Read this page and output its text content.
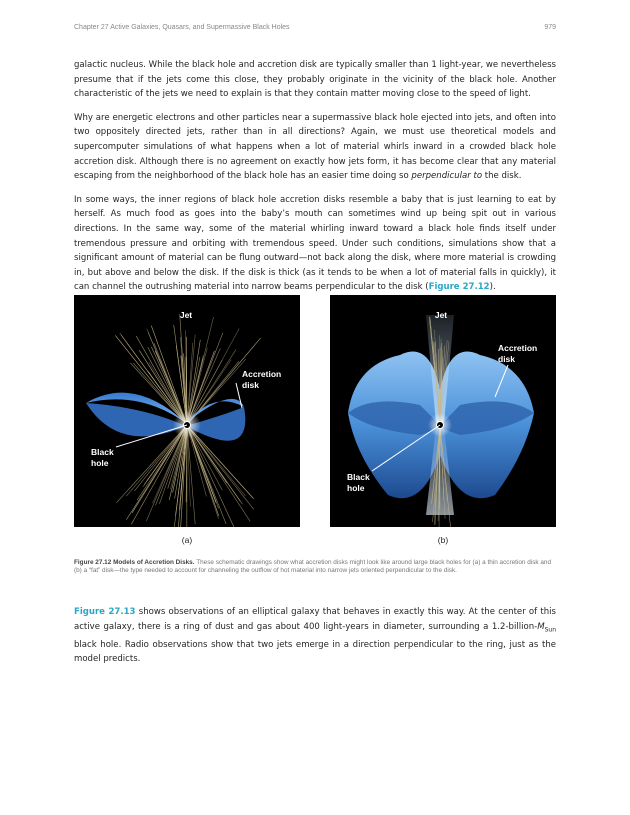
Chapter 27 Active Galaxies, Quasars, and Supermassive Black Holes	979

galactic nucleus. While the black hole and accretion disk are typically smaller than 1 light-year, we nevertheless presume that if the jets come this close, they probably originate in the vicinity of the black hole. Another characteristic of the jets we need to explain is that they contain matter moving close to the speed of light.

Why are energetic electrons and other particles near a supermassive black hole ejected into jets, and often into two oppositely directed jets, rather than in all directions? Again, we must use theoretical models and supercomputer simulations of what happens when a lot of material whirls inward in a crowded black hole accretion disk. Although there is no agreement on exactly how jets form, it has become clear that any material escaping from the neighborhood of the black hole has an easier time doing so perpendicular to the disk.

In some ways, the inner regions of black hole accretion disks resemble a baby that is just learning to eat by herself. As much food as goes into the baby’s mouth can sometimes wind up being spit out in various directions. In the same way, some of the material whirling inward toward a black hole finds itself under tremendous pressure and orbiting with tremendous speed. Under such conditions, simulations show that a significant amount of material can be flung outward—not back along the disk, where more material is crowding in, but above and below the disk. If the disk is thick (as it tends to be when a lot of material falls in quickly), it can channel the outrushing material into narrow beams perpendicular to the disk (Figure 27.12).

Jet
Accretion
disk
Black
hole
(a)
Jet
Accretion
disk
Black
hole
(b)
Figure 27.12 Models of Accretion Disks. These schematic drawings show what accretion disks might look like around large black holes for (a) a thin accretion disk and (b) a “fat” disk—the type needed to account for channeling the outflow of hot material into narrow jets oriented perpendicular to the disk.

Figure 27.13 shows observations of an elliptical galaxy that behaves in exactly this way. At the center of this active galaxy, there is a ring of dust and gas about 400 light-years in diameter, surrounding a $1.2-billion-M_{Sun}$ black hole. Radio observations show that two jets emerge in a direction perpendicular to the ring, just as the model predicts.
